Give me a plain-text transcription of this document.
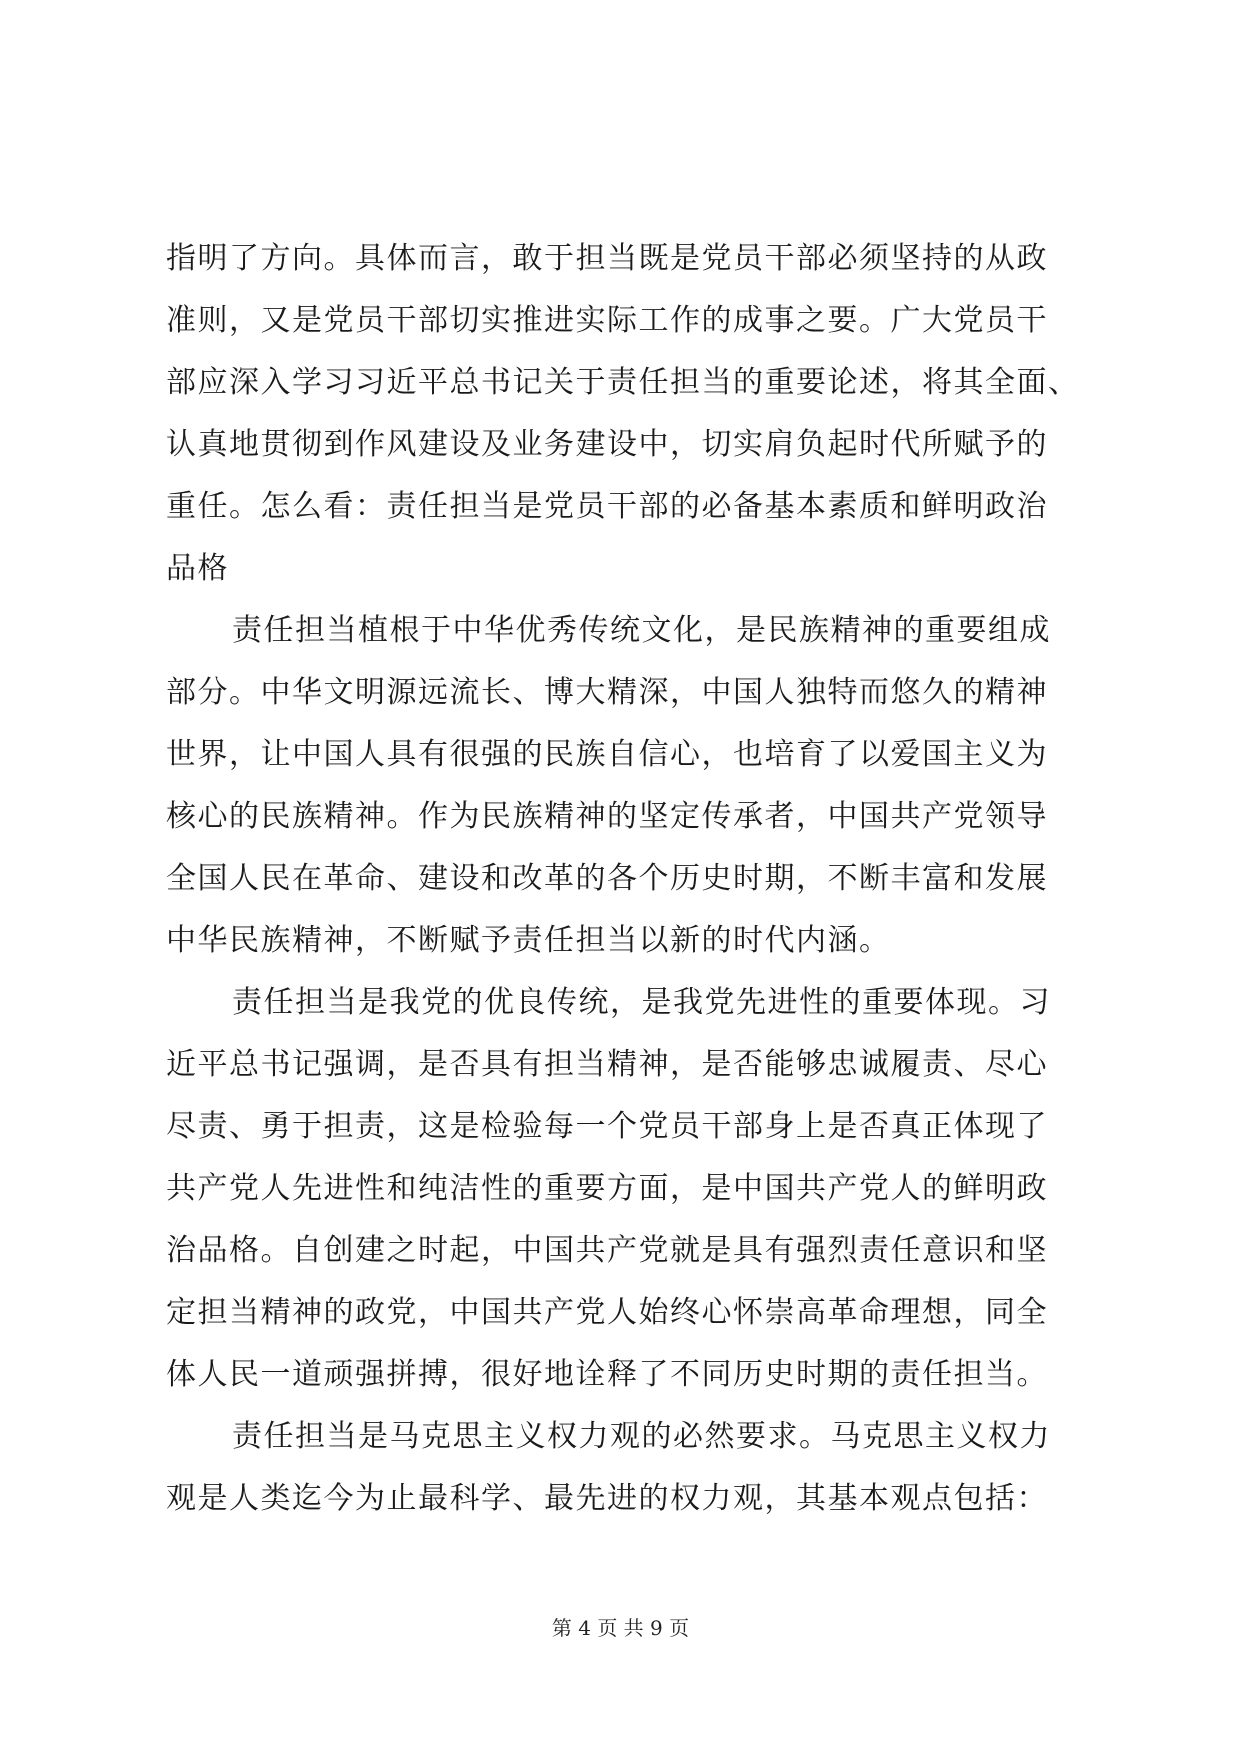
指明了方向。具体而言，敢于担当既是党员干部必须坚持的从政
准则，又是党员干部切实推进实际工作的成事之要。广大党员干
部应深入学习习近平总书记关于责任担当的重要论述，将其全面、
认真地贯彻到作风建设及业务建设中，切实肩负起时代所赋予的
重任。怎么看：责任担当是党员干部的必备基本素质和鲜明政治
品格
责任担当植根于中华优秀传统文化，是民族精神的重要组成
部分。中华文明源远流长、博大精深，中国人独特而悠久的精神
世界，让中国人具有很强的民族自信心，也培育了以爱国主义为
核心的民族精神。作为民族精神的坚定传承者，中国共产党领导
全国人民在革命、建设和改革的各个历史时期，不断丰富和发展
中华民族精神，不断赋予责任担当以新的时代内涵。
责任担当是我党的优良传统，是我党先进性的重要体现。习
近平总书记强调，是否具有担当精神，是否能够忠诚履责、尽心
尽责、勇于担责，这是检验每一个党员干部身上是否真正体现了
共产党人先进性和纯洁性的重要方面，是中国共产党人的鲜明政
治品格。自创建之时起，中国共产党就是具有强烈责任意识和坚
定担当精神的政党，中国共产党人始终心怀崇高革命理想，同全
体人民一道顽强拼搏，很好地诠释了不同历史时期的责任担当。
责任担当是马克思主义权力观的必然要求。马克思主义权力
观是人类迄今为止最科学、最先进的权力观，其基本观点包括：
第 4 页 共 9 页
